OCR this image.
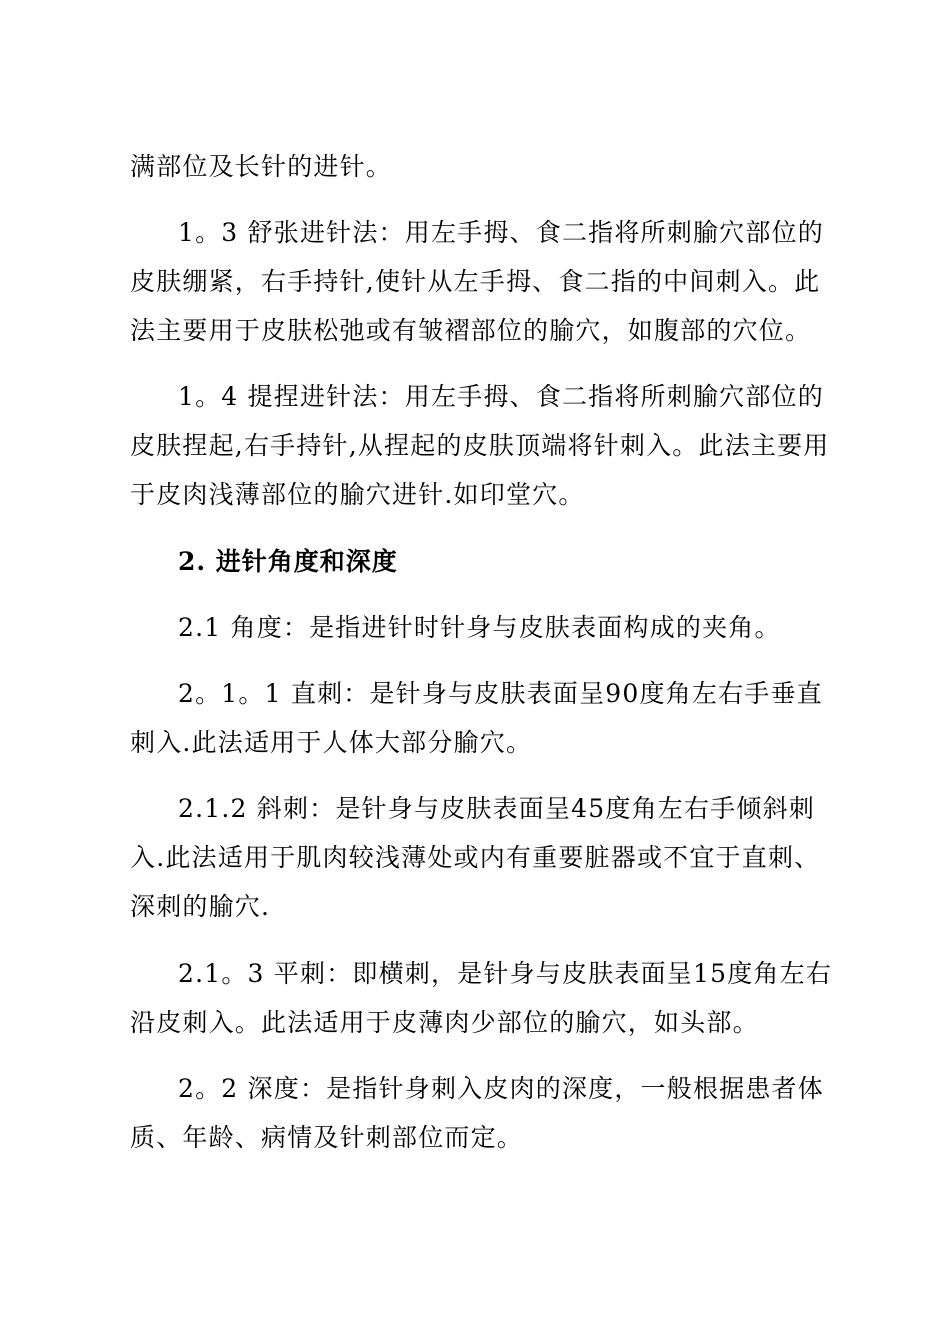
满部位及长针的进针。
1。3 舒张进针法：用左手拇、食二指将所刺腧穴部位的
皮肤绷紧，右手持针,使针从左手拇、食二指的中间刺入。此
法主要用于皮肤松弛或有皱褶部位的腧穴，如腹部的穴位。
1。4 提捏进针法：用左手拇、食二指将所刺腧穴部位的
皮肤捏起,右手持针,从捏起的皮肤顶端将针刺入。此法主要用
于皮肉浅薄部位的腧穴进针.如印堂穴。
2. 进针角度和深度
2.1 角度：是指进针时针身与皮肤表面构成的夹角。
2。1。1 直刺：是针身与皮肤表面呈90度角左右手垂直
刺入.此法适用于人体大部分腧穴。
2.1.2 斜刺：是针身与皮肤表面呈45度角左右手倾斜刺
入.此法适用于肌肉较浅薄处或内有重要脏器或不宜于直刺、
深刺的腧穴.
2.1。3 平刺：即横刺，是针身与皮肤表面呈15度角左右
沿皮刺入。此法适用于皮薄肉少部位的腧穴，如头部。
2。2 深度：是指针身刺入皮肉的深度，一般根据患者体
质、年龄、病情及针刺部位而定。
